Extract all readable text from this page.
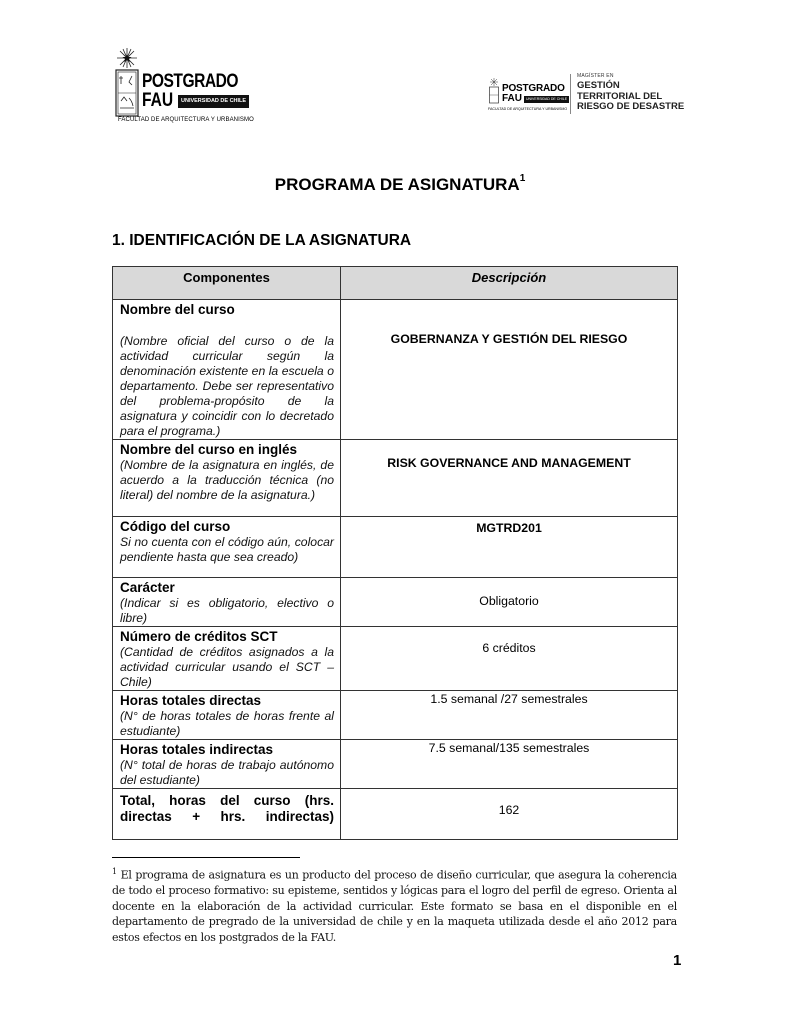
POSTGRADO
FAU	UNIVERSIDAD DE CHILE
FACULTAD DE ARQUITECTURA Y URBANISMO
POSTGRADO
FAU	UNIVERSIDAD DE CHILE
FACULTAD DE ARQUITECTURA Y URBANISMO
MAGÍSTER EN
GESTIÓN
TERRITORIAL DEL
RIESGO DE DESASTRE
PROGRAMA DE ASIGNATURA$^1$
1. IDENTIFICACIÓN DE LA ASIGNATURA
Componentes	Descripción

Nombre del curso
(Nombre oficial del curso o de la actividad curricular según la denominación existente en la escuela o departamento. Debe ser representativo del problema-propósito de la asignatura y coincidir con lo decretado para el programa.)	GOBERNANZA Y GESTIÓN DEL RIESGO

Nombre del curso en inglés
(Nombre de la asignatura en inglés, de acuerdo a la traducción técnica (no literal) del nombre de la asignatura.)	RISK GOVERNANCE AND MANAGEMENT

Código del curso
Si no cuenta con el código aún, colocar pendiente hasta que sea creado)	MGTRD201

Carácter
(Indicar si es obligatorio, electivo o libre)	Obligatorio

Número de créditos SCT
(Cantidad de créditos asignados a la actividad curricular usando el SCT – Chile)	6 créditos

Horas totales directas
(N° de horas totales de horas frente al estudiante)	1.5 semanal /27 semestrales

Horas totales indirectas
(N° total de horas de trabajo autónomo del estudiante)	7.5 semanal/135 semestrales

Total, horas del curso (hrs. directas + hrs. indirectas)	162
$^1$ El programa de asignatura es un producto del proceso de diseño curricular, que asegura la coherencia de todo el proceso formativo: su episteme, sentidos y lógicas para el logro del perfil de egreso. Orienta al docente en la elaboración de la actividad curricular. Este formato se basa en el disponible en el departamento de pregrado de la universidad de chile y en la maqueta utilizada desde el año 2012 para estos efectos en los postgrados de la FAU.
1
